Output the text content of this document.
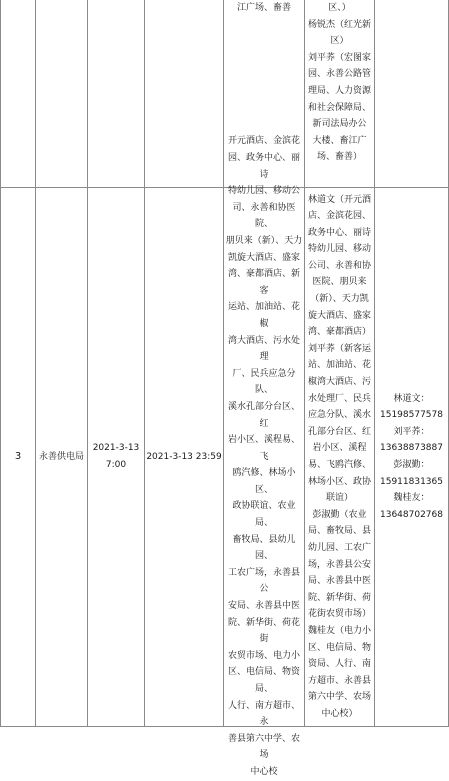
江广场、畜善	区、）
杨锐杰（红光新
区）
刘平荞（宏图家
园、永善公路管
理局、人力资源
和社会保障局、
新司法局办公
大楼、畜江广
场、畜善）
3 永善供电局
2021-3-13
7:00
2021-3-13 23:59
开元酒店、金滨花
园、政务中心、丽诗
特幼儿园、移动公
司、永善和协医院、
朋贝来（新）、天力
凯旋大酒店、盛家
湾、豪都酒店、新客
运站、加油站、花椒
湾大酒店、污水处理
厂、民兵应急分队、
溪水孔部分台区、红
岩小区、溪程易、飞
鸥汽修、林场小区、
政协联谊、农业局、
畜牧局、县幼儿园、
工农广场，永善县公
安局、永善县中医
院、新华街、荷花街
农贸市场、电力小
区、电信局、物资局、
人行、南方超市、永
善县第六中学、农场
中心校
林道文（开元酒
店、金滨花园、
政务中心、丽诗
特幼儿园、移动
公司、永善和协
医院、朋贝来
（新）、天力凯
旋大酒店、盛家
湾、豪都酒店）
刘平荞（新客运
站、加油站、花
椒湾大酒店、污
水处理厂、民兵
应急分队、溪水
孔部分台区、红
岩小区、溪程
易、飞鸥汽修、
林场小区、政协
联谊）
彭淑勤（农业
局、畜牧局、县
幼儿园、工农广
场，永善县公安
局、永善县中医
院、新华街、荷
花街农贸市场）
魏桂友（电力小
区、电信局、物
资局、人行、南
方超市、永善县
第六中学、农场
中心校）
林道文：
15198577578
刘平荞：
13638873887
彭淑勤：
15911831365
魏桂友：
13648702768
